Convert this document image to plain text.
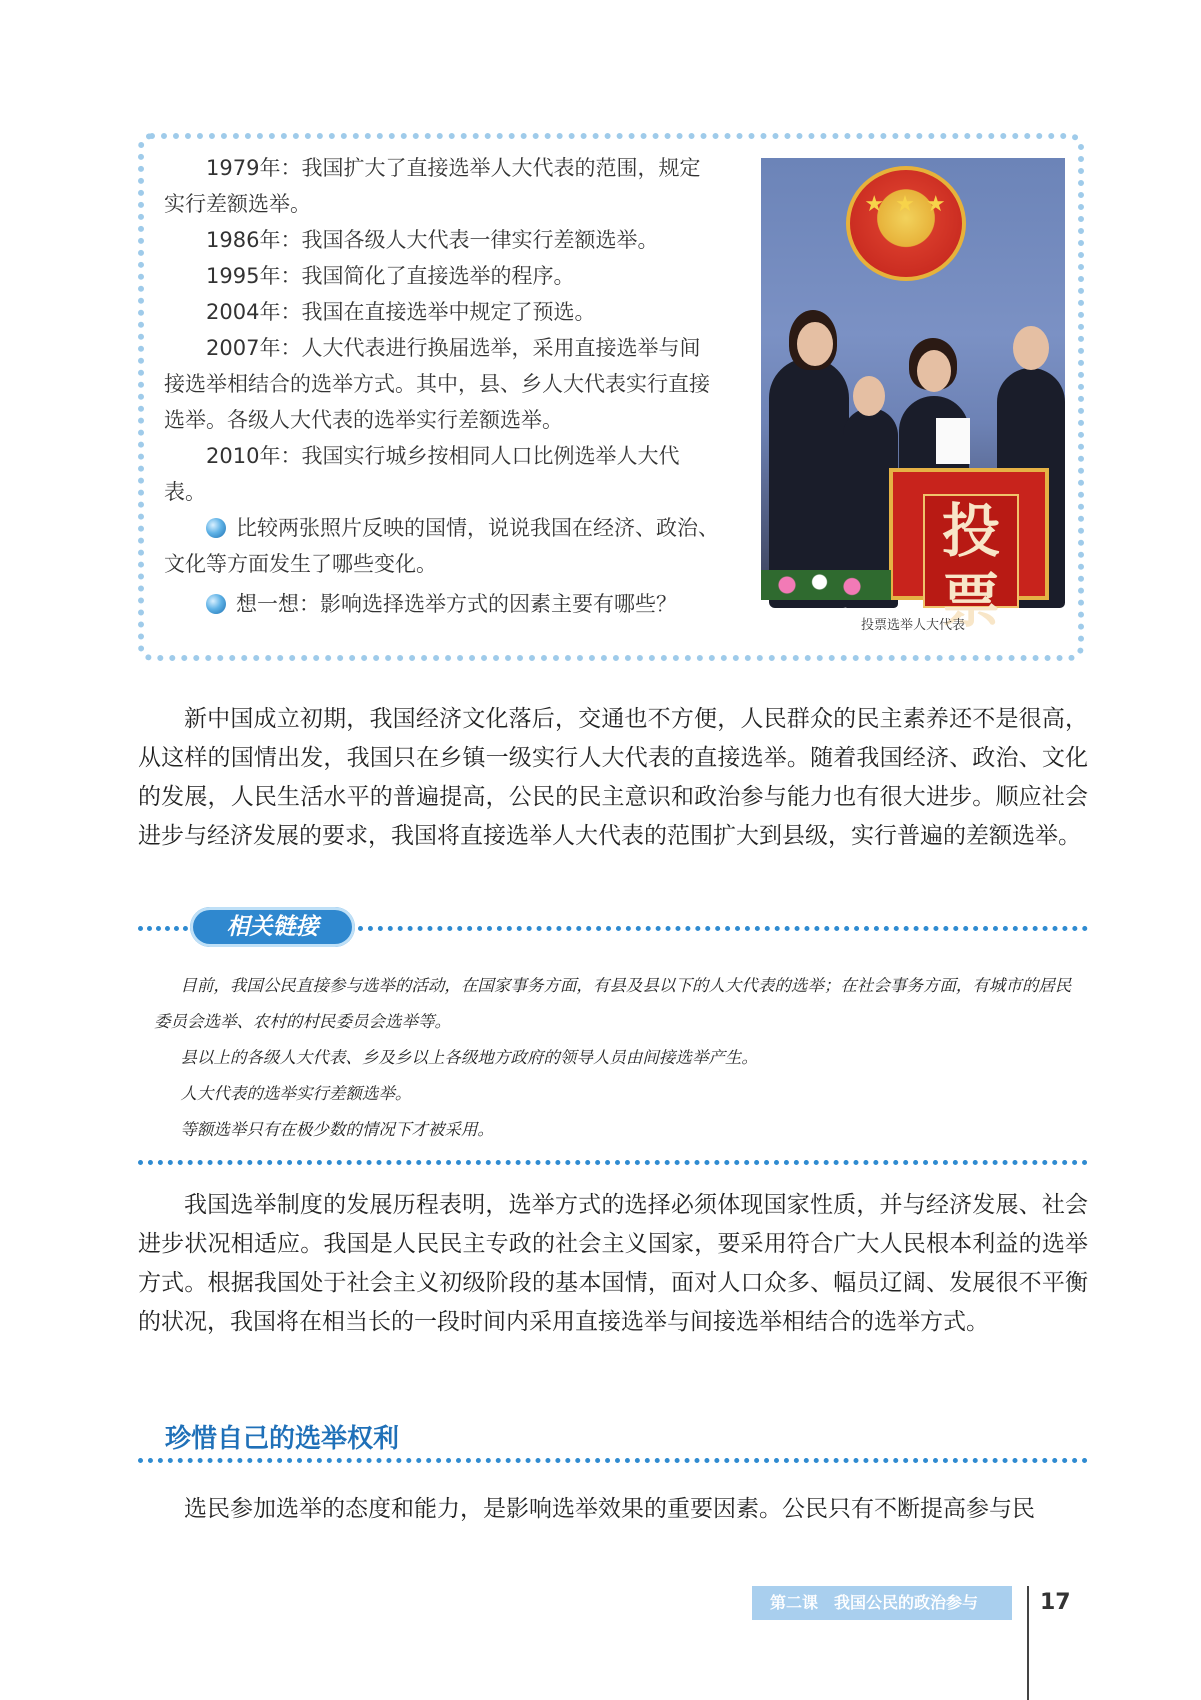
1979年：我国扩大了直接选举人大代表的范围，规定实行差额选举。

1986年：我国各级人大代表一律实行差额选举。

1995年：我国简化了直接选举的程序。

2004年：我国在直接选举中规定了预选。

2007年：人大代表进行换届选举，采用直接选举与间接选举相结合的选举方式。其中，县、乡人大代表实行直接选举。各级人大代表的选举实行差额选举。

2010年：我国实行城乡按相同人口比例选举人大代表。

比较两张照片反映的国情，说说我国在经济、政治、文化等方面发生了哪些变化。

想一想：影响选择选举方式的因素主要有哪些？

★ ★ ★
投票
投票选举人大代表

新中国成立初期，我国经济文化落后，交通也不方便，人民群众的民主素养还不是很高，从这样的国情出发，我国只在乡镇一级实行人大代表的直接选举。随着我国经济、政治、文化的发展，人民生活水平的普遍提高，公民的民主意识和政治参与能力也有很大进步。顺应社会进步与经济发展的要求，我国将直接选举人大代表的范围扩大到县级，实行普遍的差额选举。

相关链接

目前，我国公民直接参与选举的活动，在国家事务方面，有县及县以下的人大代表的选举；在社会事务方面，有城市的居民委员会选举、农村的村民委员会选举等。

县以上的各级人大代表、乡及乡以上各级地方政府的领导人员由间接选举产生。

人大代表的选举实行差额选举。

等额选举只有在极少数的情况下才被采用。

我国选举制度的发展历程表明，选举方式的选择必须体现国家性质，并与经济发展、社会进步状况相适应。我国是人民民主专政的社会主义国家，要采用符合广大人民根本利益的选举方式。根据我国处于社会主义初级阶段的基本国情，面对人口众多、幅员辽阔、发展很不平衡的状况，我国将在相当长的一段时间内采用直接选举与间接选举相结合的选举方式。

珍惜自己的选举权利

选民参加选举的态度和能力，是影响选举效果的重要因素。公民只有不断提高参与民

第二课 我国公民的政治参与	17
